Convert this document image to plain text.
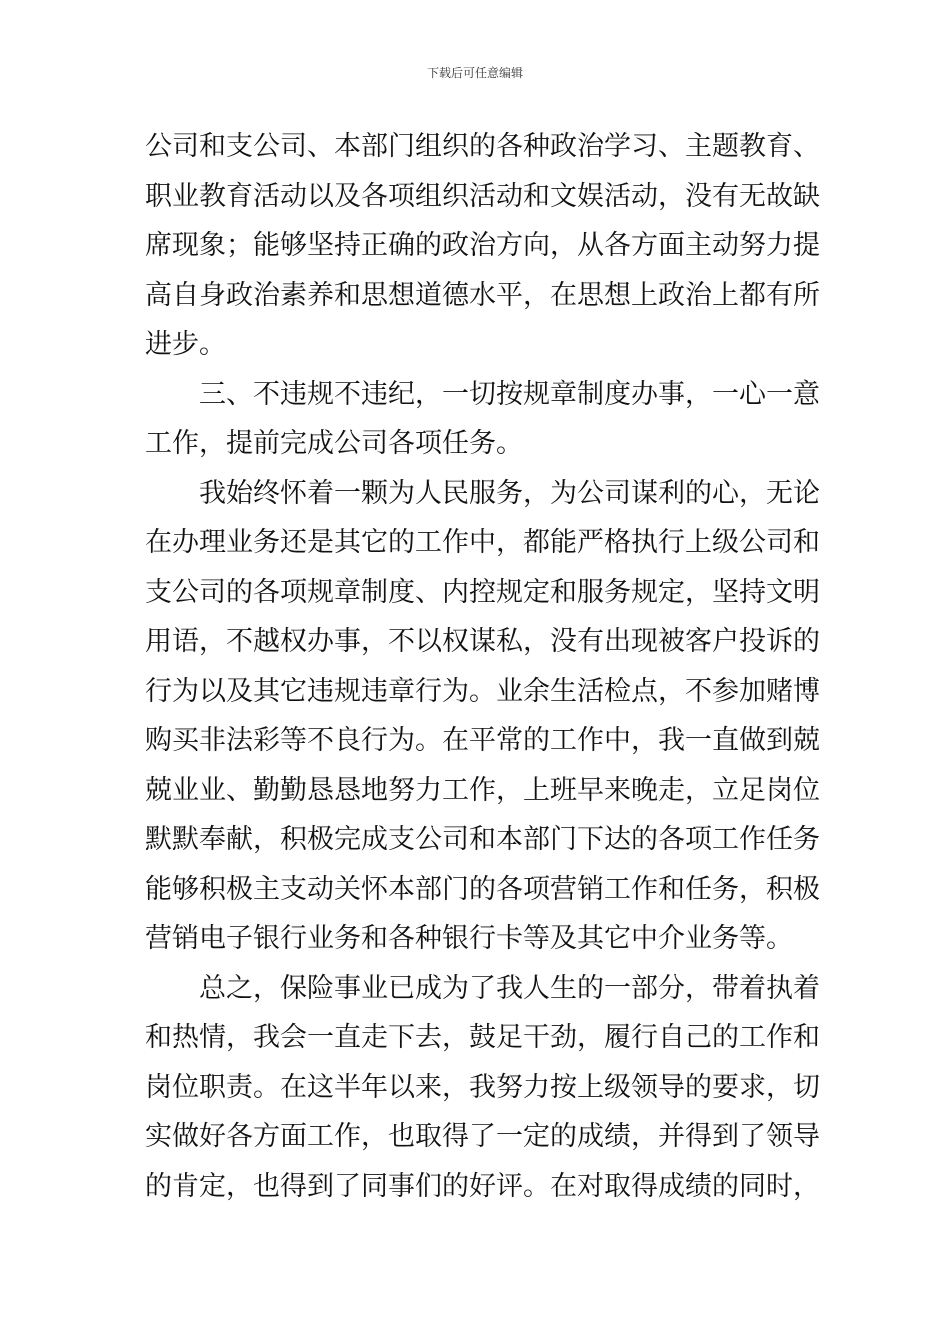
下载后可任意编辑
公司和支公司、本部门组织的各种政治学习、主题教育、
职业教育活动以及各项组织活动和文娱活动，没有无故缺
席现象；能够坚持正确的政治方向，从各方面主动努力提
高自身政治素养和思想道德水平，在思想上政治上都有所
进步。
三、不违规不违纪，一切按规章制度办事，一心一意
工作，提前完成公司各项任务。
我始终怀着一颗为人民服务，为公司谋利的心，无论
在办理业务还是其它的工作中，都能严格执行上级公司和
支公司的各项规章制度、内控规定和服务规定，坚持文明
用语，不越权办事，不以权谋私，没有出现被客户投诉的
行为以及其它违规违章行为。业余生活检点，不参加赌博
购买非法彩等不良行为。在平常的工作中，我一直做到兢
兢业业、勤勤恳恳地努力工作，上班早来晚走，立足岗位
默默奉献，积极完成支公司和本部门下达的各项工作任务
能够积极主支动关怀本部门的各项营销工作和任务，积极
营销电子银行业务和各种银行卡等及其它中介业务等。
总之，保险事业已成为了我人生的一部分，带着执着
和热情，我会一直走下去，鼓足干劲，履行自己的工作和
岗位职责。在这半年以来，我努力按上级领导的要求，切
实做好各方面工作，也取得了一定的成绩，并得到了领导
的肯定，也得到了同事们的好评。在对取得成绩的同时，
